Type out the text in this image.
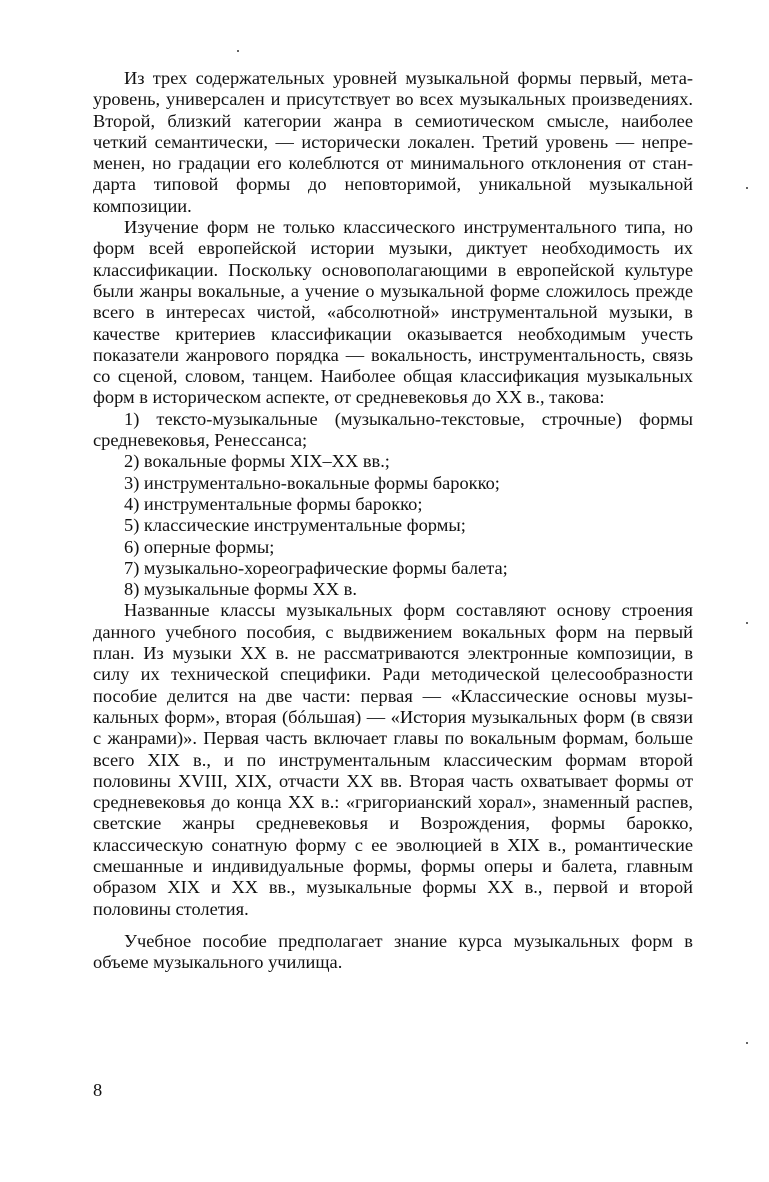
Из трех содержательных уровней музыкальной формы первый, метауровень, универсален и присутствует во всех музыкальных произведениях. Второй, близкий категории жанра в семиотическом смысле, наиболее четкий семантически, — исторически локален. Третий уровень — непременен, но градации его колеблются от минимального отклонения от стандарта типовой формы до неповторимой, уникальной музыкальной композиции.

Изучение форм не только классического инструментального типа, но форм всей европейской истории музыки, диктует необходимость их классификации. Поскольку основополагающими в европейской культуре были жанры вокальные, а учение о музыкальной форме сложилось прежде всего в интересах чистой, «абсолютной» инструментальной музыки, в качестве критериев классификации оказывается необходимым учесть показатели жанрового порядка — вокальность, инструментальность, связь со сценой, словом, танцем. Наиболее общая классификация музыкальных форм в историческом аспекте, от средневековья до XX в., такова:

1) тексто-музыкальные (музыкально-текстовые, строчные) формы средневековья, Ренессанса;
2) вокальные формы XIX–XX вв.;
3) инструментально-вокальные формы барокко;
4) инструментальные формы барокко;
5) классические инструментальные формы;
6) оперные формы;
7) музыкально-хореографические формы балета;
8) музыкальные формы XX в.

Названные классы музыкальных форм составляют основу строения данного учебного пособия, с выдвижением вокальных форм на первый план. Из музыки XX в. не рассматриваются электронные композиции, в силу их технической специфики. Ради методической целесообразности пособие делится на две части: первая — «Классические основы музыкальных форм», вторая (бóльшая) — «История музыкальных форм (в связи с жанрами)». Первая часть включает главы по вокальным формам, больше всего XIX в., и по инструментальным классическим формам второй половины XVIII, XIX, отчасти XX вв. Вторая часть охватывает формы от средневековья до конца XX в.: «григорианский хорал», знаменный распев, светские жанры средневековья и Возрождения, формы барокко, классическую сонатную форму с ее эволюцией в XIX в., романтические смешанные и индивидуальные формы, формы оперы и балета, главным образом XIX и XX вв., музыкальные формы XX в., первой и второй половины столетия.

Учебное пособие предполагает знание курса музыкальных форм в объеме музыкального училища.

8
